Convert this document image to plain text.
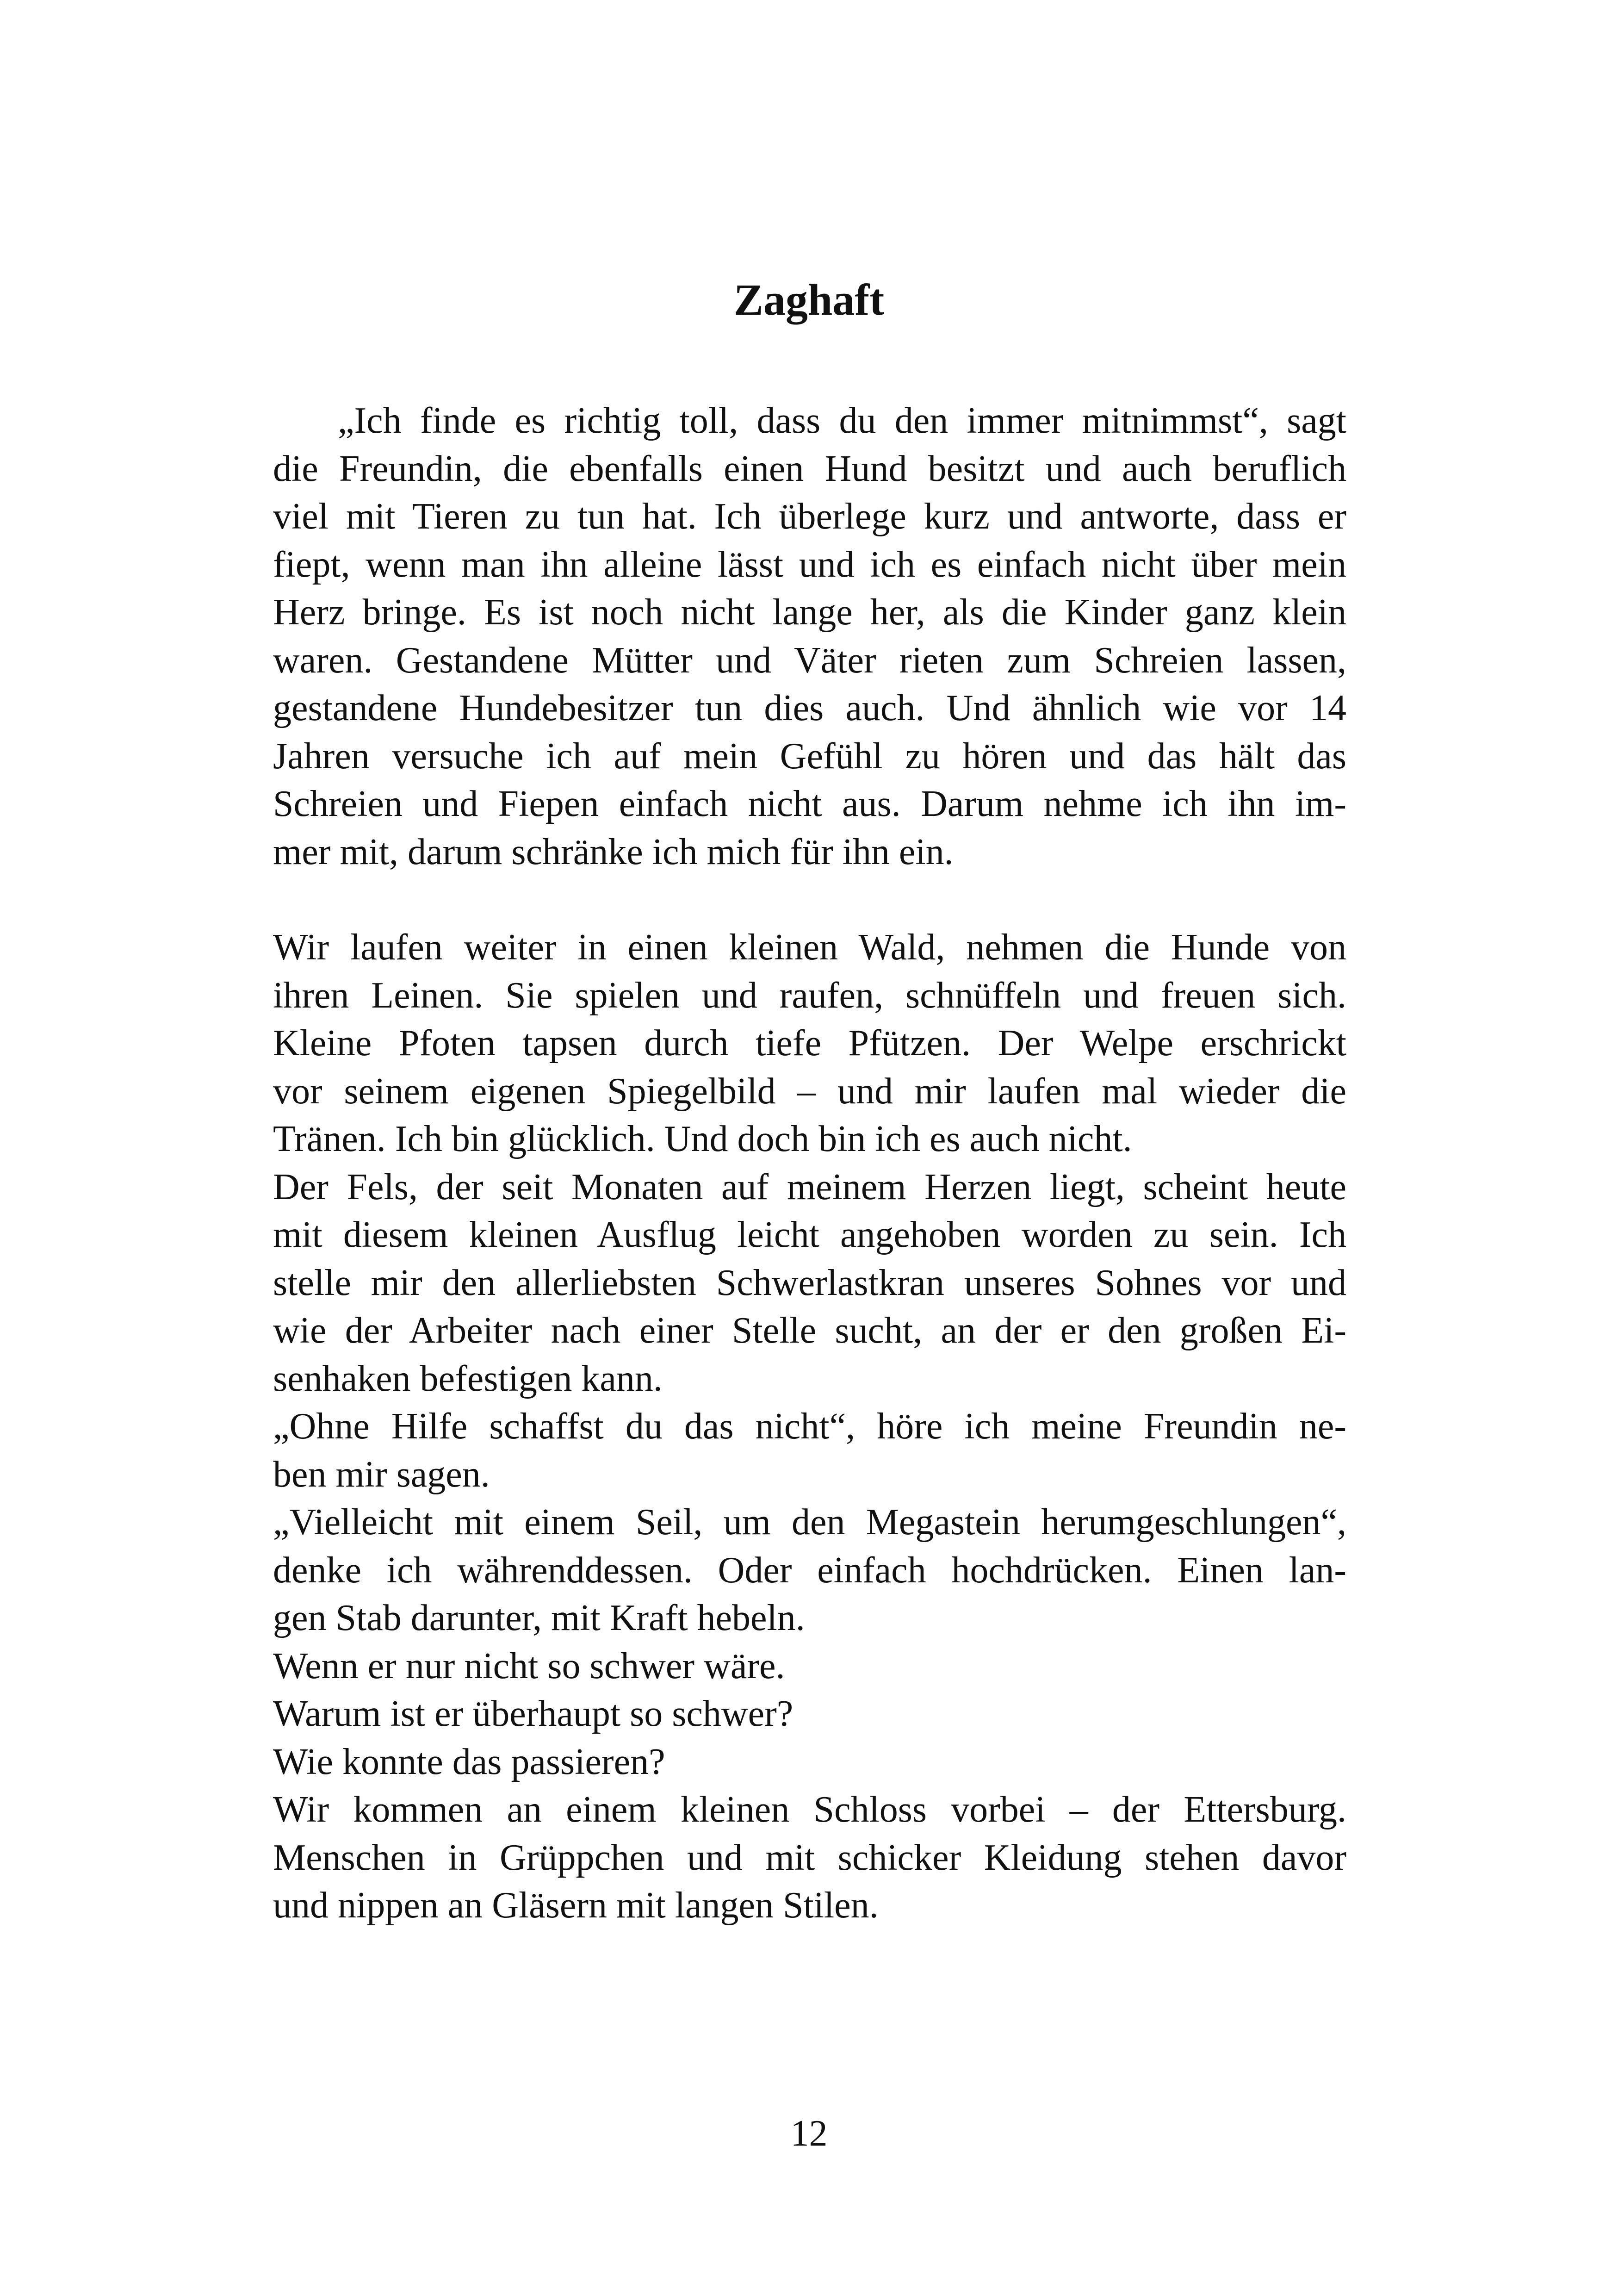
Zaghaft
„Ich finde es richtig toll, dass du den immer mitnimmst“, sagt
die Freundin, die ebenfalls einen Hund besitzt und auch beruflich
viel mit Tieren zu tun hat. Ich überlege kurz und antworte, dass er
fiept, wenn man ihn alleine lässt und ich es einfach nicht über mein
Herz bringe. Es ist noch nicht lange her, als die Kinder ganz klein
waren. Gestandene Mütter und Väter rieten zum Schreien lassen,
gestandene Hundebesitzer tun dies auch. Und ähnlich wie vor 14
Jahren versuche ich auf mein Gefühl zu hören und das hält das
Schreien und Fiepen einfach nicht aus. Darum nehme ich ihn im-
mer mit, darum schränke ich mich für ihn ein.
Wir laufen weiter in einen kleinen Wald, nehmen die Hunde von
ihren Leinen. Sie spielen und raufen, schnüffeln und freuen sich.
Kleine Pfoten tapsen durch tiefe Pfützen. Der Welpe erschrickt
vor seinem eigenen Spiegelbild – und mir laufen mal wieder die
Tränen. Ich bin glücklich. Und doch bin ich es auch nicht.
Der Fels, der seit Monaten auf meinem Herzen liegt, scheint heute
mit diesem kleinen Ausflug leicht angehoben worden zu sein. Ich
stelle mir den allerliebsten Schwerlastkran unseres Sohnes vor und
wie der Arbeiter nach einer Stelle sucht, an der er den großen Ei-
senhaken befestigen kann.
„Ohne Hilfe schaffst du das nicht“, höre ich meine Freundin ne-
ben mir sagen.
„Vielleicht mit einem Seil, um den Megastein herumgeschlungen“,
denke ich währenddessen. Oder einfach hochdrücken. Einen lan-
gen Stab darunter, mit Kraft hebeln.
Wenn er nur nicht so schwer wäre.
Warum ist er überhaupt so schwer?
Wie konnte das passieren?
Wir kommen an einem kleinen Schloss vorbei – der Ettersburg.
Menschen in Grüppchen und mit schicker Kleidung stehen davor
und nippen an Gläsern mit langen Stilen.
12
